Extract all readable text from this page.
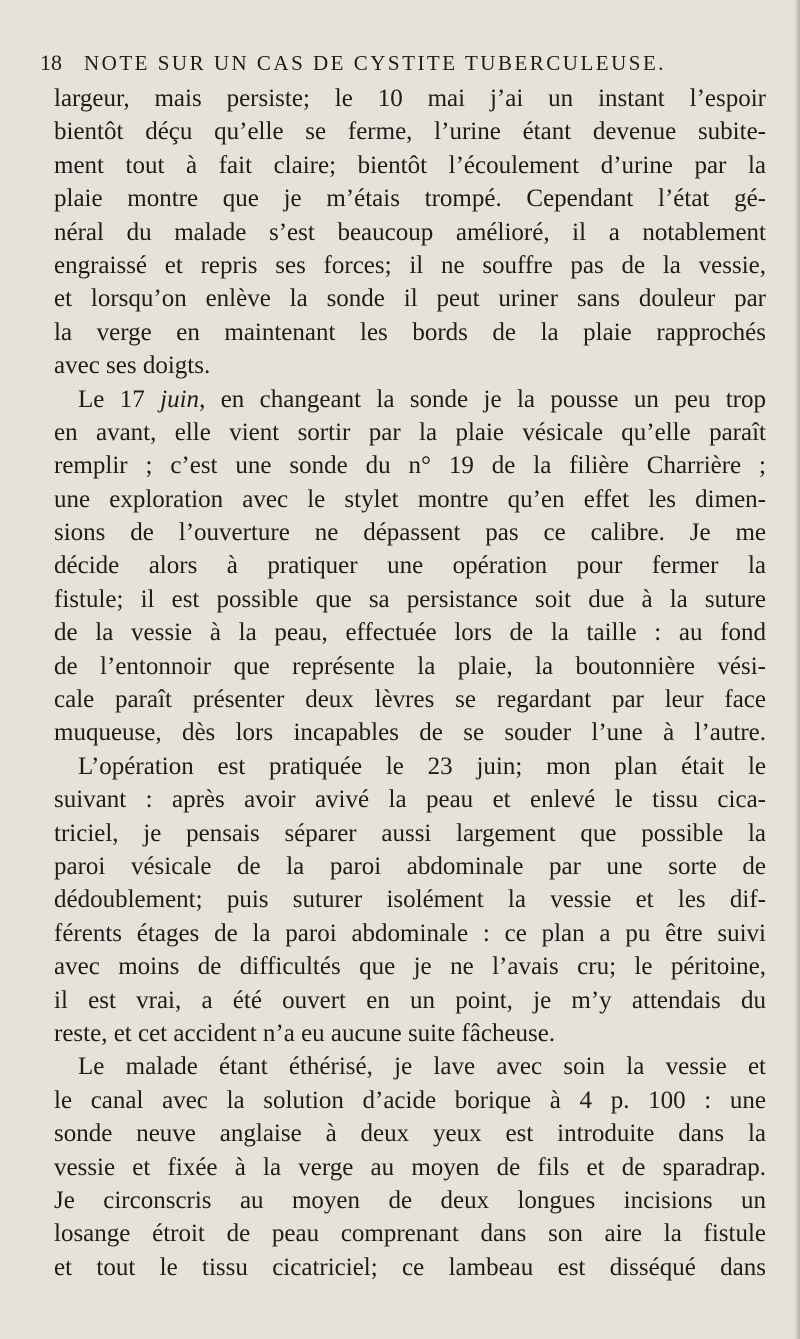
18 NOTE SUR UN CAS DE CYSTITE TUBERCULEUSE.
largeur, mais persiste; le 10 mai j’ai un instant l’espoir
bientôt déçu qu’elle se ferme, l’urine étant devenue subite-
ment tout à fait claire; bientôt l’écoulement d’urine par la
plaie montre que je m’étais trompé. Cependant l’état gé-
néral du malade s’est beaucoup amélioré, il a notablement
engraissé et repris ses forces; il ne souffre pas de la vessie,
et lorsqu’on enlève la sonde il peut uriner sans douleur par
la verge en maintenant les bords de la plaie rapprochés
avec ses doigts.
Le 17 juin, en changeant la sonde je la pousse un peu trop
en avant, elle vient sortir par la plaie vésicale qu’elle paraît
remplir ; c’est une sonde du n° 19 de la filière Charrière ;
une exploration avec le stylet montre qu’en effet les dimen-
sions de l’ouverture ne dépassent pas ce calibre. Je me
décide alors à pratiquer une opération pour fermer la
fistule; il est possible que sa persistance soit due à la suture
de la vessie à la peau, effectuée lors de la taille : au fond
de l’entonnoir que représente la plaie, la boutonnière vési-
cale paraît présenter deux lèvres se regardant par leur face
muqueuse, dès lors incapables de se souder l’une à l’autre.
L’opération est pratiquée le 23 juin; mon plan était le
suivant : après avoir avivé la peau et enlevé le tissu cica-
triciel, je pensais séparer aussi largement que possible la
paroi vésicale de la paroi abdominale par une sorte de
dédoublement; puis suturer isolément la vessie et les dif-
férents étages de la paroi abdominale : ce plan a pu être suivi
avec moins de difficultés que je ne l’avais cru; le péritoine,
il est vrai, a été ouvert en un point, je m’y attendais du
reste, et cet accident n’a eu aucune suite fâcheuse.
Le malade étant éthérisé, je lave avec soin la vessie et
le canal avec la solution d’acide borique à 4 p. 100 : une
sonde neuve anglaise à deux yeux est introduite dans la
vessie et fixée à la verge au moyen de fils et de sparadrap.
Je circonscris au moyen de deux longues incisions un
losange étroit de peau comprenant dans son aire la fistule
et tout le tissu cicatriciel; ce lambeau est disséqué dans
